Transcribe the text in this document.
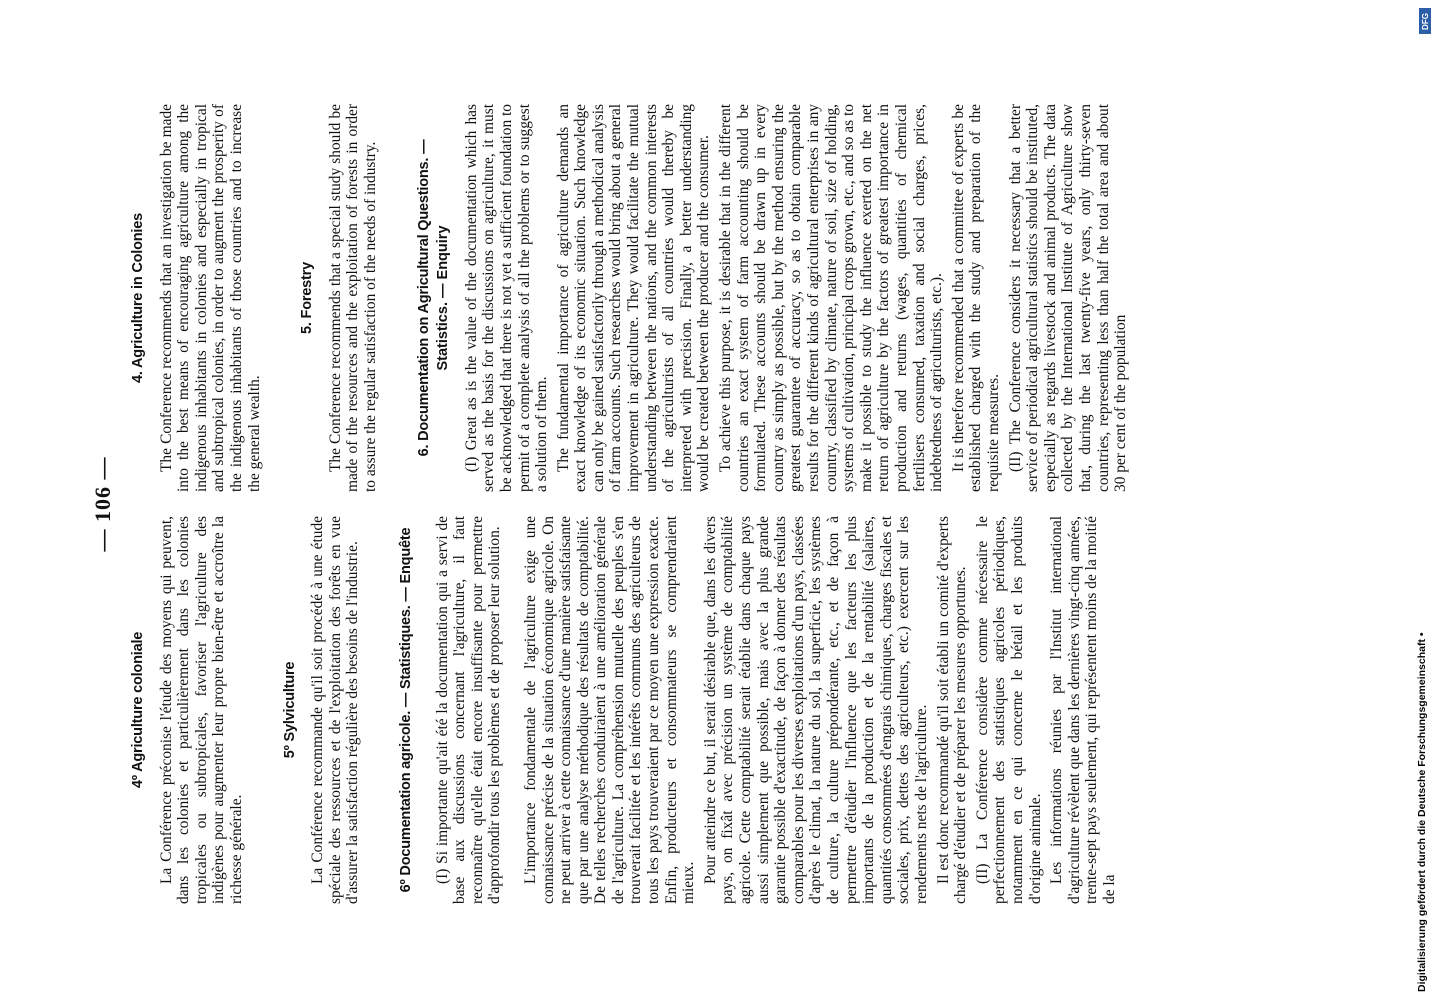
— 106 —
4º Agriculture coloniale La Conférence préconise l'étude des moyens qui peuvent, dans les colonies et particulièrement dans les colonies tropicales ou subtropicales, favoriser l'agriculture des indigènes pour augmenter leur propre bien-être et accroître la richesse générale.

5º Sylviculture La Conférence recommande qu'il soit procédé à une étude spéciale des ressources et de l'exploitation des forêts en vue d'assurer la satisfaction régulière des besoins de l'industrie.	6º Documentation agricole. — Statistiques. — Enquête (I) Si importante qu'ait été la documentation qui a servi de base aux discussions concernant l'agriculture, il faut reconnaître qu'elle était encore insuffisante pour permettre d'approfondir tous les problèmes et de proposer leur solution. L'importance fondamentale de l'agriculture exige une connaissance précise de la situation économique agricole. On ne peut arriver à cette connaissance d'une manière satisfaisante que par une analyse méthodique des résultats de comptabilité. De telles recherches conduiraient à une amélioration générale de l'agriculture. La compréhension mutuelle des peuples s'en trouverait facilitée et les intérêts communs des agriculteurs de tous les pays trouveraient par ce moyen une expression exacte. Enfin, producteurs et consommateurs se comprendraient mieux. Pour atteindre ce but, il serait désirable que, dans les divers pays, on fixât avec précision un système de comptabilité agricole. Cette comptabilité serait établie dans chaque pays aussi simplement que possible, mais avec la plus grande garantie possible d'exactitude, de façon à donner des résultats comparables pour les diverses exploitations d'un pays, classées d'après le climat, la nature du sol, la superficie, les systèmes de culture, la culture prépondérante, etc., et de façon à permettre d'étudier l'influence que les facteurs les plus importants de la production et de la rentabilité (salaires, quantités consommées d'engrais chimiques, charges fiscales et sociales, prix, dettes des agriculteurs, etc.) exercent sur les rendements nets de l'agriculture. Il est donc recommandé qu'il soit établi un comité d'experts chargé d'étudier et de préparer les mesures opportunes. (II) La Conférence considère comme nécessaire le perfectionnement des statistiques agricoles périodiques, notamment en ce qui concerne le bétail et les produits d'origine animale. Les informations réunies par l'Institut international d'agriculture révèlent que dans les dernières vingt-cinq années, trente-sept pays seulement, qui représentent moins de la moitié de la

4. Agriculture in Colonies The Conference recommends that an investigation be made into the best means of encouraging agriculture among the indigenous inhabitants in colonies and especially in tropical and subtropical colonies, in order to augment the prosperity of the indigenous inhabitants of those countries and to increase the general wealth.

5. Forestry The Conference recommends that a special study should be made of the resources and the exploitation of forests in order to assure the regular satisfaction of the needs of industry.	6. Documentation on Agricultural Questions. — Statistics. — Enquiry (I) Great as is the value of the documentation which has served as the basis for the discussions on agriculture, it must be acknowledged that there is not yet a sufficient foundation to permit of a complete analysis of all the problems or to suggest a solution of them. The fundamental importance of agriculture demands an exact knowledge of its economic situation. Such knowledge can only be gained satisfactorily through a methodical analysis of farm accounts. Such researches would bring about a general improvement in agriculture. They would facilitate the mutual understanding between the nations, and the common interests of the agriculturists of all countries would thereby be interpreted with precision. Finally, a better understanding would be created between the producer and the consumer. To achieve this purpose, it is desirable that in the different countries an exact system of farm accounting should be formulated. These accounts should be drawn up in every country as simply as possible, but by the method ensuring the greatest guarantee of accuracy, so as to obtain comparable results for the different kinds of agricultural enterprises in any country, classified by climate, nature of soil, size of holding, systems of cultivation, principal crops grown, etc., and so as to make it possible to study the influence exerted on the net return of agriculture by the factors of greatest importance in production and returns (wages, quantities of chemical fertilisers consumed, taxation and social charges, prices, indebtedness of agriculturists, etc.). It is therefore recommended that a committee of experts be established charged with the study and preparation of the requisite measures. (II) The Conference considers it necessary that a better service of periodical agricultural statistics should be instituted, especially as regards livestock and animal products. The data collected by the International Institute of Agriculture show that, during the last twenty-five years, only thirty-seven countries, representing less than half the total area and about 30 per cent of the population

DFG
Digitalisierung gefördert durch die Deutsche Forschungsgemeinschaft •
